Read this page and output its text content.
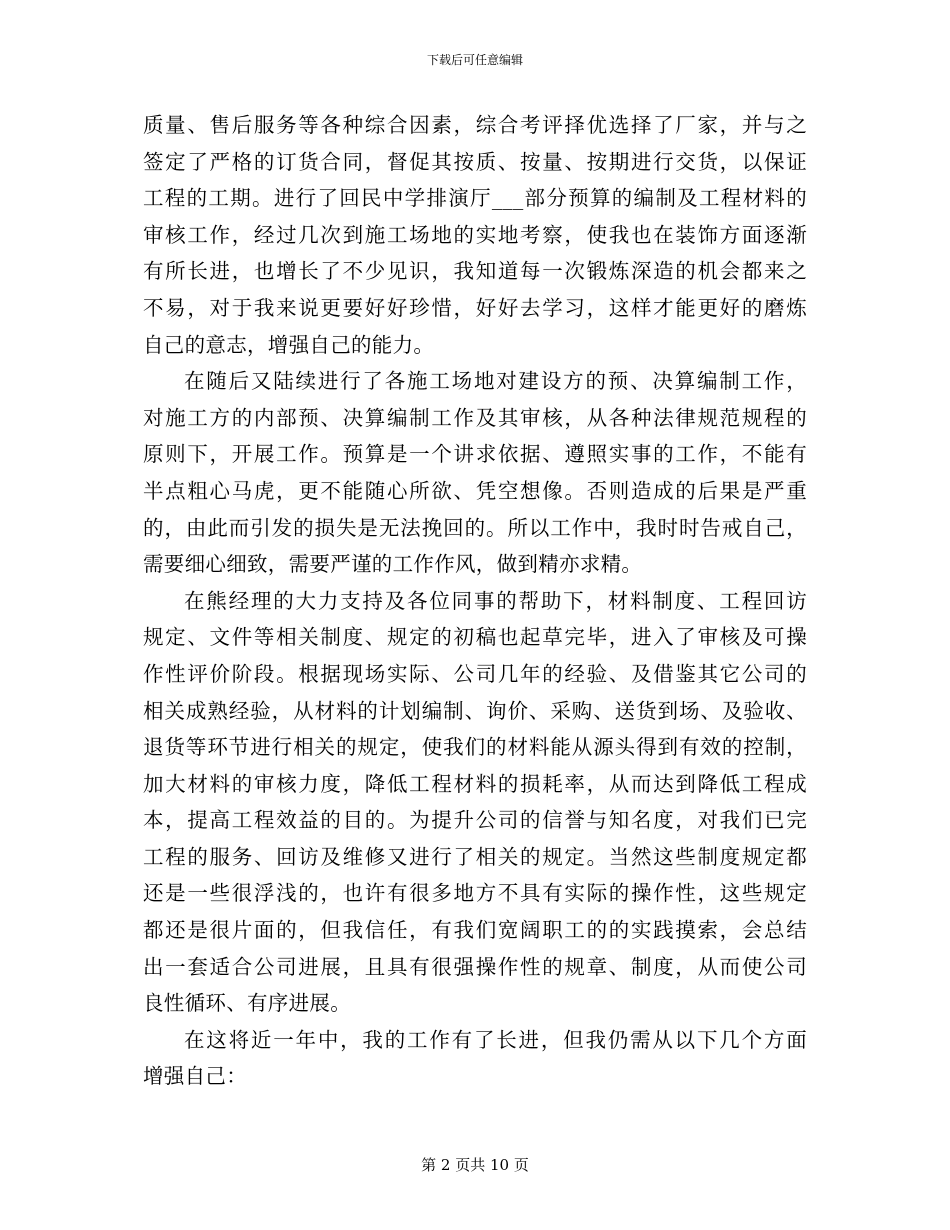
下载后可任意编辑
质量、售后服务等各种综合因素，综合考评择优选择了厂家，并与之
签定了严格的订货合同，督促其按质、按量、按期进行交货，以保证
工程的工期。进行了回民中学排演厅___部分预算的编制及工程材料的
审核工作，经过几次到施工场地的实地考察，使我也在装饰方面逐渐
有所长进，也增长了不少见识，我知道每一次锻炼深造的机会都来之
不易，对于我来说更要好好珍惜，好好去学习，这样才能更好的磨炼
自己的意志，增强自己的能力。
在随后又陆续进行了各施工场地对建设方的预、决算编制工作，
对施工方的内部预、决算编制工作及其审核，从各种法律规范规程的
原则下，开展工作。预算是一个讲求依据、遵照实事的工作，不能有
半点粗心马虎，更不能随心所欲、凭空想像。否则造成的后果是严重
的，由此而引发的损失是无法挽回的。所以工作中，我时时告戒自己，
需要细心细致，需要严谨的工作作风，做到精亦求精。
在熊经理的大力支持及各位同事的帮助下，材料制度、工程回访
规定、文件等相关制度、规定的初稿也起草完毕，进入了审核及可操
作性评价阶段。根据现场实际、公司几年的经验、及借鉴其它公司的
相关成熟经验，从材料的计划编制、询价、采购、送货到场、及验收、
退货等环节进行相关的规定，使我们的材料能从源头得到有效的控制，
加大材料的审核力度，降低工程材料的损耗率，从而达到降低工程成
本，提高工程效益的目的。为提升公司的信誉与知名度，对我们已完
工程的服务、回访及维修又进行了相关的规定。当然这些制度规定都
还是一些很浮浅的，也许有很多地方不具有实际的操作性，这些规定
都还是很片面的，但我信任，有我们宽阔职工的的实践摸索，会总结
出一套适合公司进展，且具有很强操作性的规章、制度，从而使公司
良性循环、有序进展。
在这将近一年中，我的工作有了长进，但我仍需从以下几个方面
增强自己：
第 2 页共 10 页
